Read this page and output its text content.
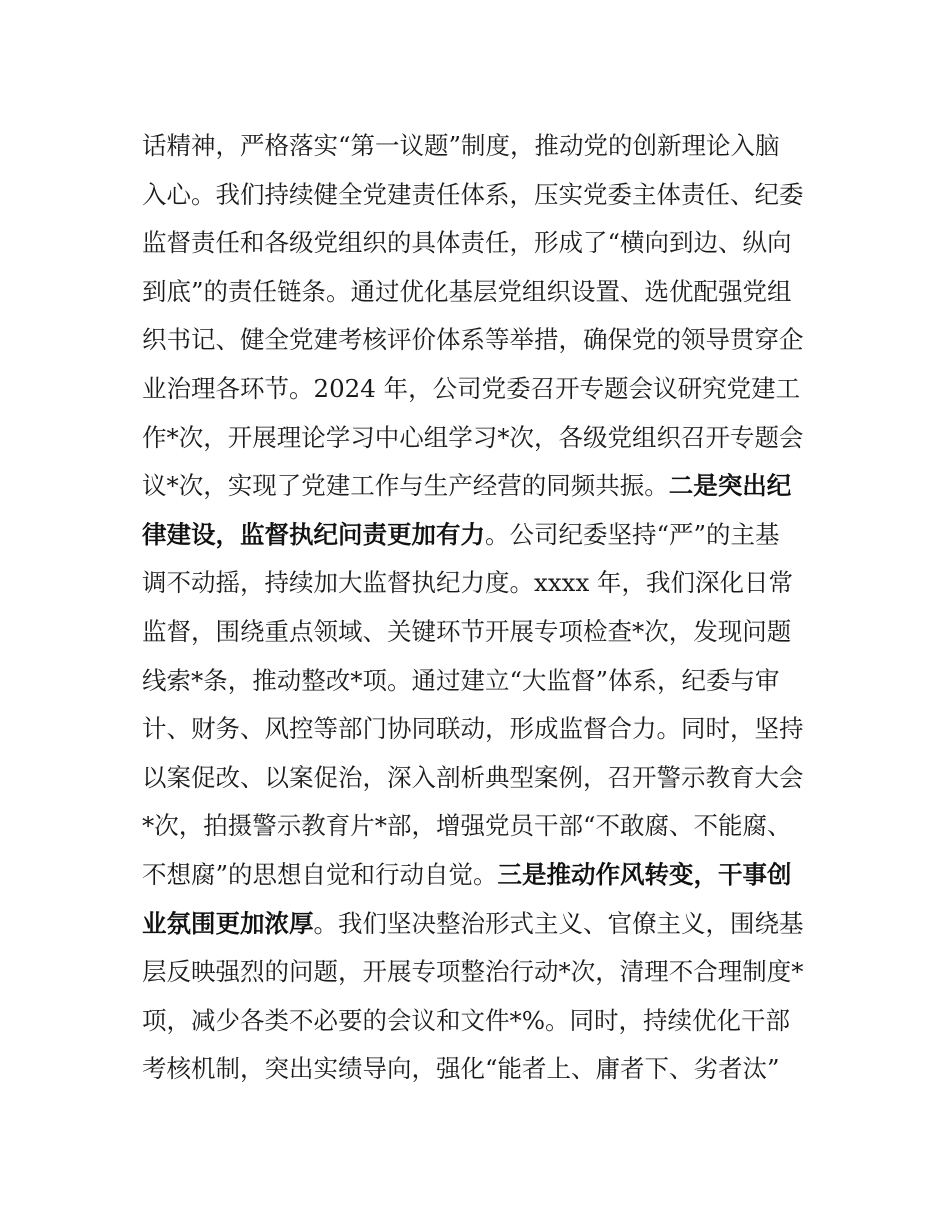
话精神，严格落实“第一议题”制度，推动党的创新理论入脑
入心。我们持续健全党建责任体系，压实党委主体责任、纪委
监督责任和各级党组织的具体责任，形成了“横向到边、纵向
到底”的责任链条。通过优化基层党组织设置、选优配强党组
织书记、健全党建考核评价体系等举措，确保党的领导贯穿企
业治理各环节。2024 年，公司党委召开专题会议研究党建工
作*次，开展理论学习中心组学习*次，各级党组织召开专题会
议*次，实现了党建工作与生产经营的同频共振。二是突出纪
律建设，监督执纪问责更加有力。公司纪委坚持“严”的主基
调不动摇，持续加大监督执纪力度。xxxx 年，我们深化日常
监督，围绕重点领域、关键环节开展专项检查*次，发现问题
线索*条，推动整改*项。通过建立“大监督”体系，纪委与审
计、财务、风控等部门协同联动，形成监督合力。同时，坚持
以案促改、以案促治，深入剖析典型案例，召开警示教育大会
*次，拍摄警示教育片*部，增强党员干部“不敢腐、不能腐、
不想腐”的思想自觉和行动自觉。三是推动作风转变，干事创
业氛围更加浓厚。我们坚决整治形式主义、官僚主义，围绕基
层反映强烈的问题，开展专项整治行动*次，清理不合理制度*
项，减少各类不必要的会议和文件*%。同时，持续优化干部
考核机制，突出实绩导向，强化“能者上、庸者下、劣者汰”
